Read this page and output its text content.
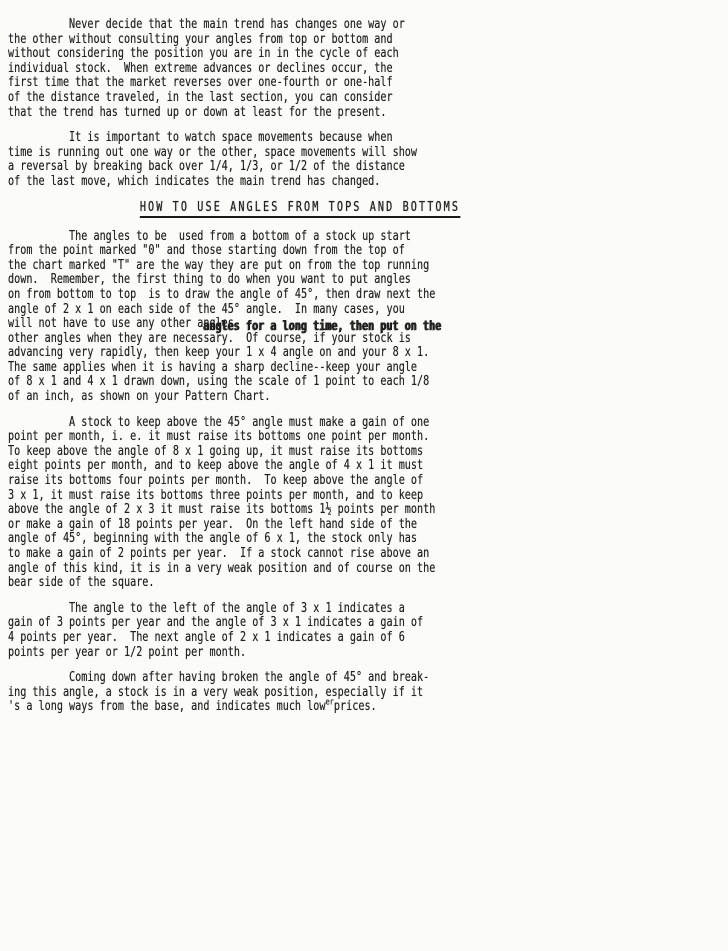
Never decide that the main trend has changes one way or
the other without consulting your angles from top or bottom and
without considering the position you are in in the cycle of each
individual stock.  When extreme advances or declines occur, the
first time that the market reverses over one-fourth or one-half
of the distance traveled, in the last section, you can consider
that the trend has turned up or down at least for the present.
It is important to watch space movements because when
time is running out one way or the other, space movements will show
a reversal by breaking back over 1/4, 1/3, or 1/2 of the distance
of the last move, which indicates the main trend has changed.
HOW TO USE ANGLES FROM TOPS AND BOTTOMS
The angles to be  used from a bottom of a stock up start
from the point marked "0" and those starting down from the top of
the chart marked "T" are the way they are put on from the top running
down.  Remember, the first thing to do when you want to put angles
on from bottom to top  is to draw the angle of 45°, then draw next the
angle of 2 x 1 on each side of the 45° angle.  In many cases, you
will not have to use any other angles
angles for a long time, then put on the
other angles when they are necessary.  Of course, if your stock is
advancing very rapidly, then keep your 1 x 4 angle on and your 8 x 1.
The same applies when it is having a sharp decline--keep your angle
of 8 x 1 and 4 x 1 drawn down, using the scale of 1 point to each 1/8
of an inch, as shown on your Pattern Chart.
A stock to keep above the 45° angle must make a gain of one
point per month, i. e. it must raise its bottoms one point per month.
To keep above the angle of 8 x 1 going up, it must raise its bottoms
eight points per month, and to keep above the angle of 4 x 1 it must
raise its bottoms four points per month.  To keep above the angle of
3 x 1, it must raise its bottoms three points per month, and to keep
above the angle of 2 x 3 it must raise its bottoms 1½ points per month
or make a gain of 18 points per year.  On the left hand side of the
angle of 45°, beginning with the angle of 6 x 1, the stock only has
to make a gain of 2 points per year.  If a stock cannot rise above an
angle of this kind, it is in a very weak position and of course on the
bear side of the square.
The angle to the left of the angle of 3 x 1 indicates a
gain of 3 points per year and the angle of 3 x 1 indicates a gain of
4 points per year.  The next angle of 2 x 1 indicates a gain of 6
points per year or 1/2 point per month.
Coming down after having broken the angle of 45° and break-
ing this angle, a stock is in a very weak position, especially if it
's a long ways from the base, and indicates much low$^{er}$prices.
